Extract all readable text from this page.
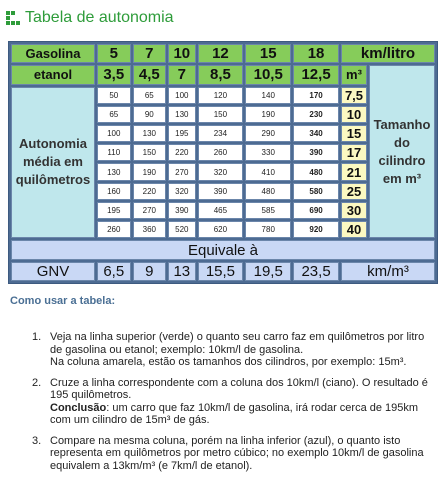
Tabela de autonomia
Gasolina	5	7	10	12	15	18	km/litro	
etanol	3,5	4,5	7	8,5	10,5	12,5	m³	Tamanho do cilindro em m³
Autonomia média em quilômetros	50	65	100	120	140	170	7,5	
	65	90	130	150	190	230	10	
	100	130	195	234	290	340	15	
	110	150	220	260	330	390	17	
	130	190	270	320	410	480	21	
	160	220	320	390	480	580	25	
	195	270	390	465	585	690	30	
	260	360	520	620	780	920	40	
Equivale à								
GNV	6,5	9	13	15,5	19,5	23,5	km/m³	
Como usar a tabela:
1. Veja na linha superior (verde) o quanto seu carro faz em quilômetros por litro de gasolina ou etanol; exemplo: 10km/l de gasolina.

Na coluna amarela, estão os tamanhos dos cilindros, por exemplo: 15m³.

2. Cruze a linha correspondente com a coluna dos 10km/l (ciano). O resultado é 195 quilômetros.

Conclusão: um carro que faz 10km/l de gasolina, irá rodar cerca de 195km com um cilindro de 15m³ de gás.

3. Compare na mesma coluna, porém na linha inferior (azul), o quanto isto representa em quilômetros por metro cúbico; no exemplo 10km/l de gasolina equivalem a 13km/m³ (e 7km/l de etanol).
